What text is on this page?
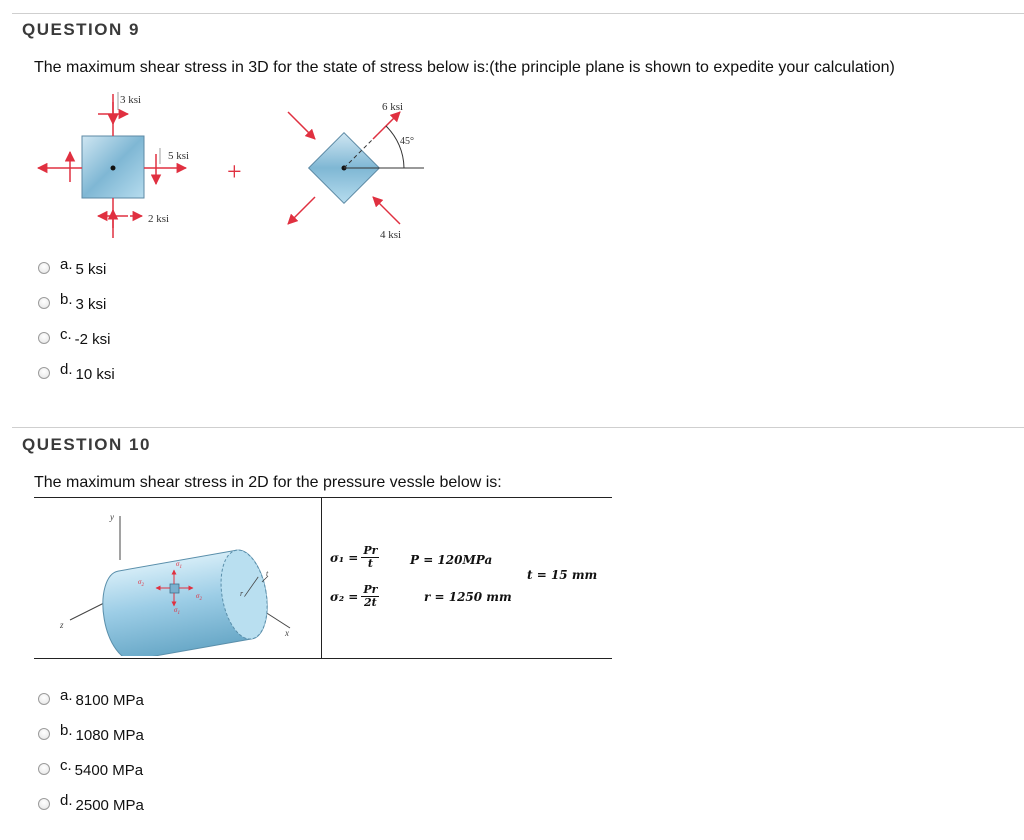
QUESTION 9
The maximum shear stress in 3D for the state of stress below is:(the principle plane is shown to expedite your calculation)
3 ksi
5 ksi
2 ksi
+
6 ksi
45°
4 ksi
a. 5 ksi
b. 3 ksi
c. -2 ksi
d. 10 ksi
QUESTION 10
The maximum shear stress in 2D for the pressure vessle below is:
y
z
x
r
t
$\sigma_1$
$\sigma_1$
$\sigma_2$
$\sigma_2$
$\sigma_1 = \frac{Pr}{t}$
$\sigma_2 = \frac{Pr}{2t}$
P = 120MPa
t = 15 mm
r = 1250 mm
a. 8100 MPa
b. 1080 MPa
c. 5400 MPa
d. 2500 MPa
